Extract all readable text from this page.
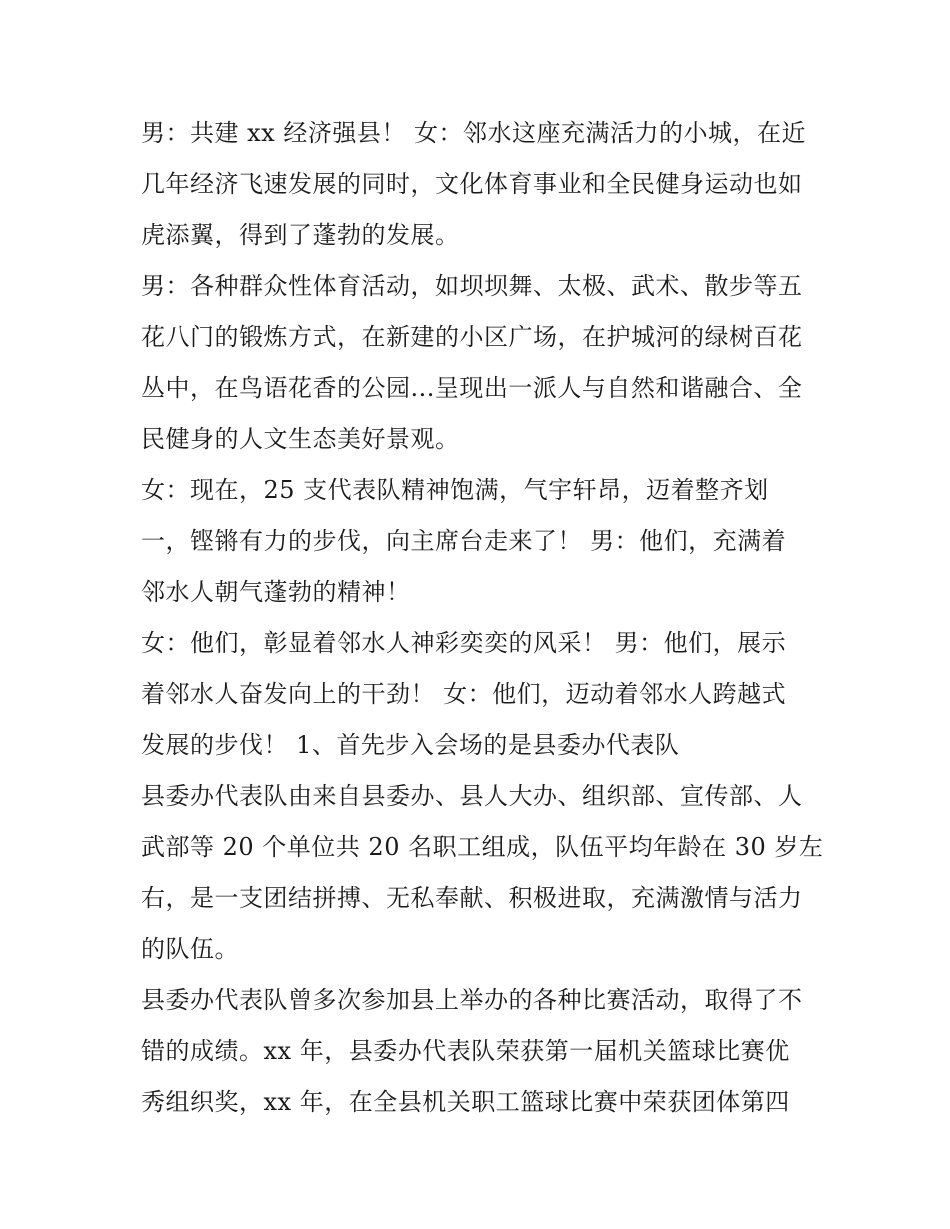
男：共建 xx 经济强县！ 女：邻水这座充满活力的小城，在近
几年经济飞速发展的同时，文化体育事业和全民健身运动也如
虎添翼，得到了蓬勃的发展。
男：各种群众性体育活动，如坝坝舞、太极、武术、散步等五
花八门的锻炼方式，在新建的小区广场，在护城河的绿树百花
丛中，在鸟语花香的公园...呈现出一派人与自然和谐融合、全
民健身的人文生态美好景观。
女：现在，25 支代表队精神饱满，气宇轩昂，迈着整齐划
一，铿锵有力的步伐，向主席台走来了！ 男：他们，充满着
邻水人朝气蓬勃的精神！
女：他们，彰显着邻水人神彩奕奕的风采！ 男：他们，展示
着邻水人奋发向上的干劲！ 女：他们，迈动着邻水人跨越式
发展的步伐！ 1、首先步入会场的是县委办代表队
县委办代表队由来自县委办、县人大办、组织部、宣传部、人
武部等 20 个单位共 20 名职工组成，队伍平均年龄在 30 岁左
右，是一支团结拼搏、无私奉献、积极进取，充满激情与活力
的队伍。
县委办代表队曾多次参加县上举办的各种比赛活动，取得了不
错的成绩。xx 年，县委办代表队荣获第一届机关篮球比赛优
秀组织奖，xx 年，在全县机关职工篮球比赛中荣获团体第四
